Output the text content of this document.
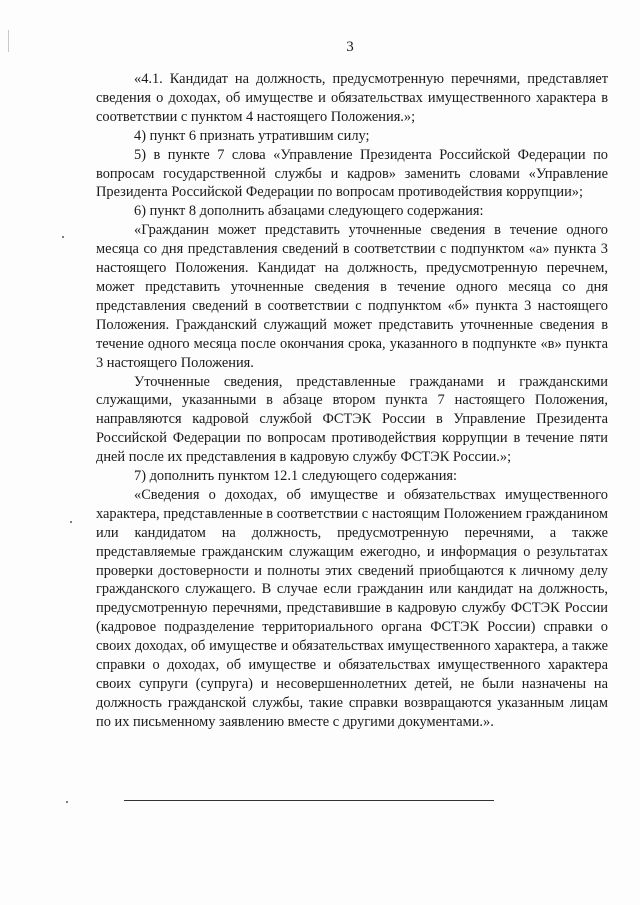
3

«4.1. Кандидат на должность, предусмотренную перечнями, представляет сведения о доходах, об имуществе и обязательствах имущественного характера в соответствии с пунктом 4 настоящего Положения.»;

4) пункт 6 признать утратившим силу;

5) в пункте 7 слова «Управление Президента Российской Федерации по вопросам государственной службы и кадров» заменить словами «Управление Президента Российской Федерации по вопросам противодействия коррупции»;

6) пункт 8 дополнить абзацами следующего содержания:

«Гражданин может представить уточненные сведения в течение одного месяца со дня представления сведений в соответствии с подпунктом «а» пункта 3 настоящего Положения. Кандидат на должность, предусмотренную перечнем, может представить уточненные сведения в течение одного месяца со дня представления сведений в соответствии с подпунктом «б» пункта 3 настоящего Положения. Гражданский служащий может представить уточненные сведения в течение одного месяца после окончания срока, указанного в подпункте «в» пункта 3 настоящего Положения.

Уточненные сведения, представленные гражданами и гражданскими служащими, указанными в абзаце втором пункта 7 настоящего Положения, направляются кадровой службой ФСТЭК России в Управление Президента Российской Федерации по вопросам противодействия коррупции в течение пяти дней после их представления в кадровую службу ФСТЭК России.»;

7) дополнить пунктом 12.1 следующего содержания:

«Сведения о доходах, об имуществе и обязательствах имущественного характера, представленные в соответствии с настоящим Положением гражданином или кандидатом на должность, предусмотренную перечнями, а также представляемые гражданским служащим ежегодно, и информация о результатах проверки достоверности и полноты этих сведений приобщаются к личному делу гражданского служащего. В случае если гражданин или кандидат на должность, предусмотренную перечнями, представившие в кадровую службу ФСТЭК России (кадровое подразделение территориального органа ФСТЭК России) справки о своих доходах, об имуществе и обязательствах имущественного характера, а также справки о доходах, об имуществе и обязательствах имущественного характера своих супруги (супруга) и несовершеннолетних детей, не были назначены на должность гражданской службы, такие справки возвращаются указанным лицам по их письменному заявлению вместе с другими документами.».
